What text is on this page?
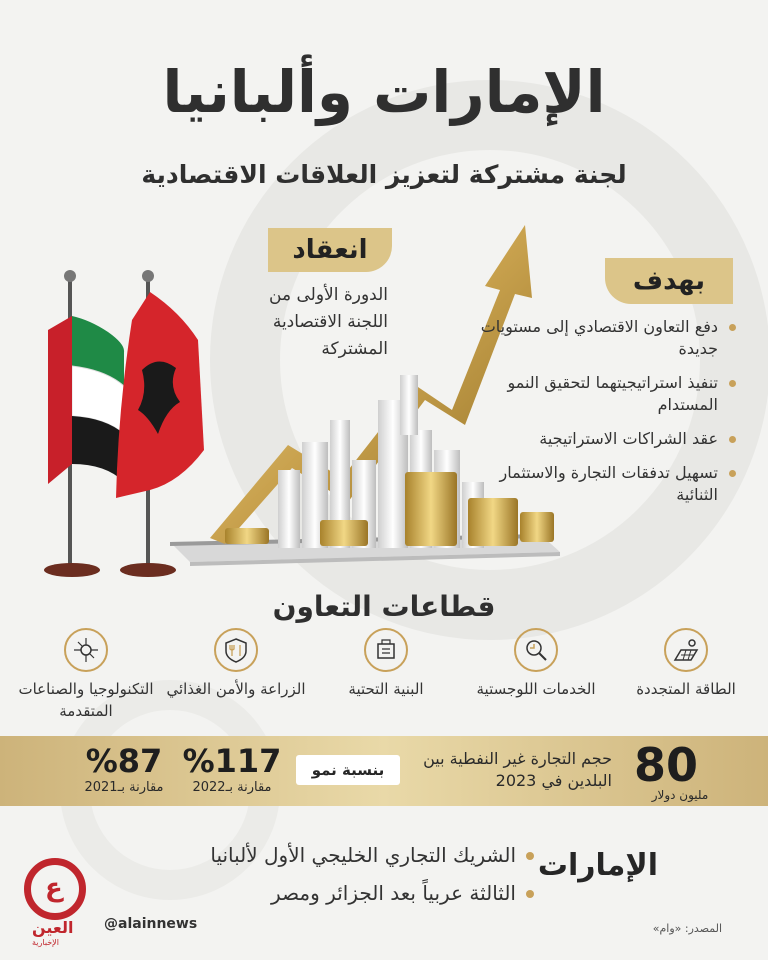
الإمارات وألبانيا
لجنة مشتركة لتعزيز العلاقات الاقتصادية
بهدف
دفع التعاون الاقتصادي إلى مستويات جديدة
تنفيذ استراتيجيتهما لتحقيق النمو المستدام
عقد الشراكات الاستراتيجية
تسهيل تدفقات التجارة والاستثمار الثنائية
انعقاد
الدورة الأولى من اللجنة الاقتصادية المشتركة
قطاعات التعاون
الطاقة المتجددة
الخدمات اللوجستية
البنية التحتية
الزراعة والأمن الغذائي
التكنولوجيا والصناعات المتقدمة
80
مليون دولار
حجم التجارة غير النفطية بين البلدين في 2023
بنسبة نمو
%117
مقارنة بـ2022
%87
مقارنة بـ2021
الإمارات
الشريك التجاري الخليجي الأول لألبانيا
الثالثة عربياً بعد الجزائر ومصر
ع
العين
الإخبارية
@alainnews	المصدر: «وام»
